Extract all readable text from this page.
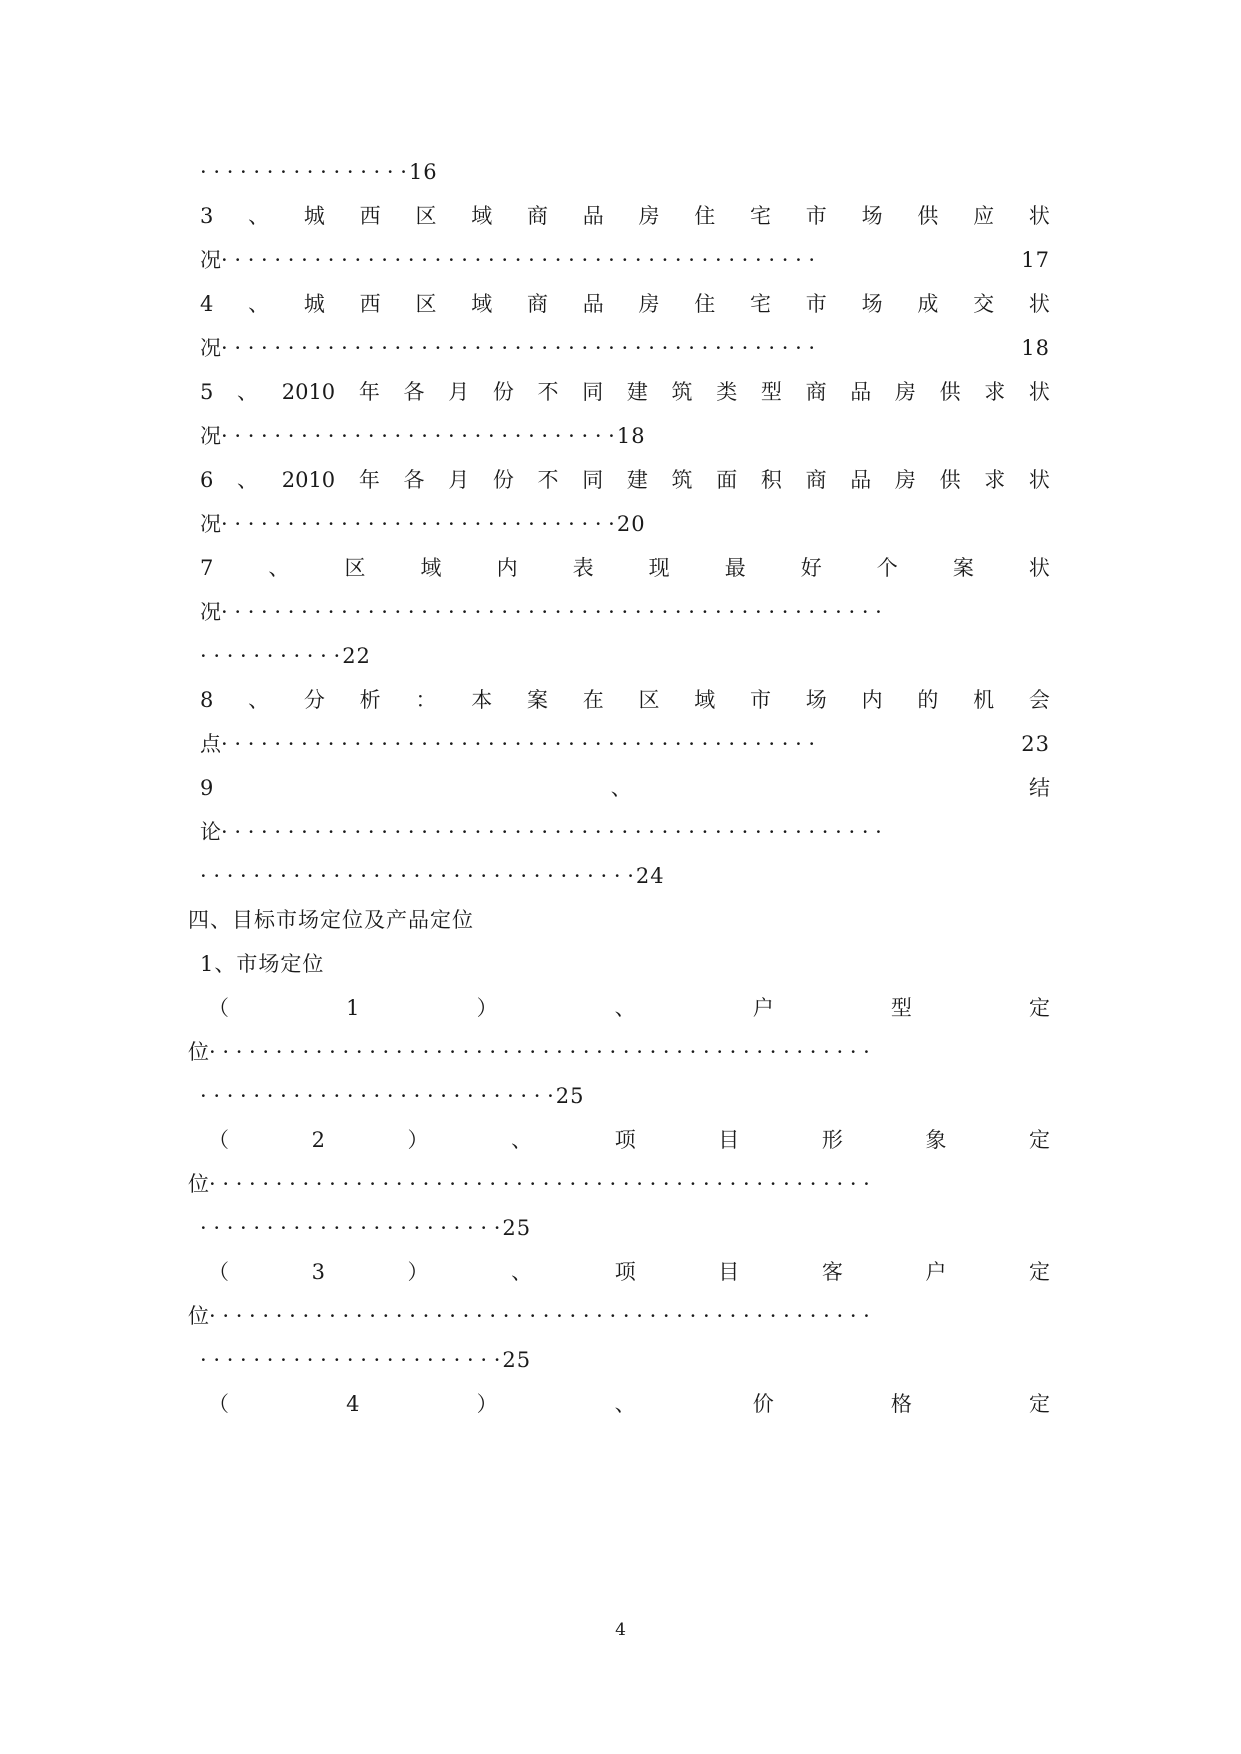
· · · · · · · · · · · · · · · · 16
3 、 城 西 区 域 商 品 房 住 宅 市 场 供 应 状
况 · · · · · · · · · · · · · · · · · · · · · · · · · · · · · · · · · · · · · · · · · · · · ·	17
4 、 城 西 区 域 商 品 房 住 宅 市 场 成 交 状
况 · · · · · · · · · · · · · · · · · · · · · · · · · · · · · · · · · · · · · · · · · · · · ·	18
5 、 2010 年 各 月 份 不 同 建 筑 类 型 商 品 房 供 求 状
况 · · · · · · · · · · · · · · · · · · · · · · · · · · · · · · 18
6 、 2010 年 各 月 份 不 同 建 筑 面 积 商 品 房 供 求 状
况 · · · · · · · · · · · · · · · · · · · · · · · · · · · · · · 20
7	、	区	域	内	表	现	最	好	个	案	状
况 · · · · · · · · · · · · · · · · · · · · · · · · · · · · · · · · · · · · · · · · · · · · · · · · · ·
· · · · · · · · · · · 22
8 、 分 析 ： 本 案 在 区 域 市 场 内 的 机 会
点 · · · · · · · · · · · · · · · · · · · · · · · · · · · · · · · · · · · · · · · · · · · · ·	23
9	、	结
论 · · · · · · · · · · · · · · · · · · · · · · · · · · · · · · · · · · · · · · · · · · · · · · · · · ·
· · · · · · · · · · · · · · · · · · · · · · · · · · · · · · · · · 24
四、目标市场定位及产品定位
1、市场定位
（	1	）	、	户	型	定
位 · · · · · · · · · · · · · · · · · · · · · · · · · · · · · · · · · · · · · · · · · · · · · · · · · ·
· · · · · · · · · · · · · · · · · · · · · · · · · · · 25
（	2	）	、	项	目	形	象	定
位 · · · · · · · · · · · · · · · · · · · · · · · · · · · · · · · · · · · · · · · · · · · · · · · · · ·
· · · · · · · · · · · · · · · · · · · · · · · 25
（	3	）	、	项	目	客	户	定
位 · · · · · · · · · · · · · · · · · · · · · · · · · · · · · · · · · · · · · · · · · · · · · · · · · ·
· · · · · · · · · · · · · · · · · · · · · · · 25
（	4	）	、	价	格	定
4
